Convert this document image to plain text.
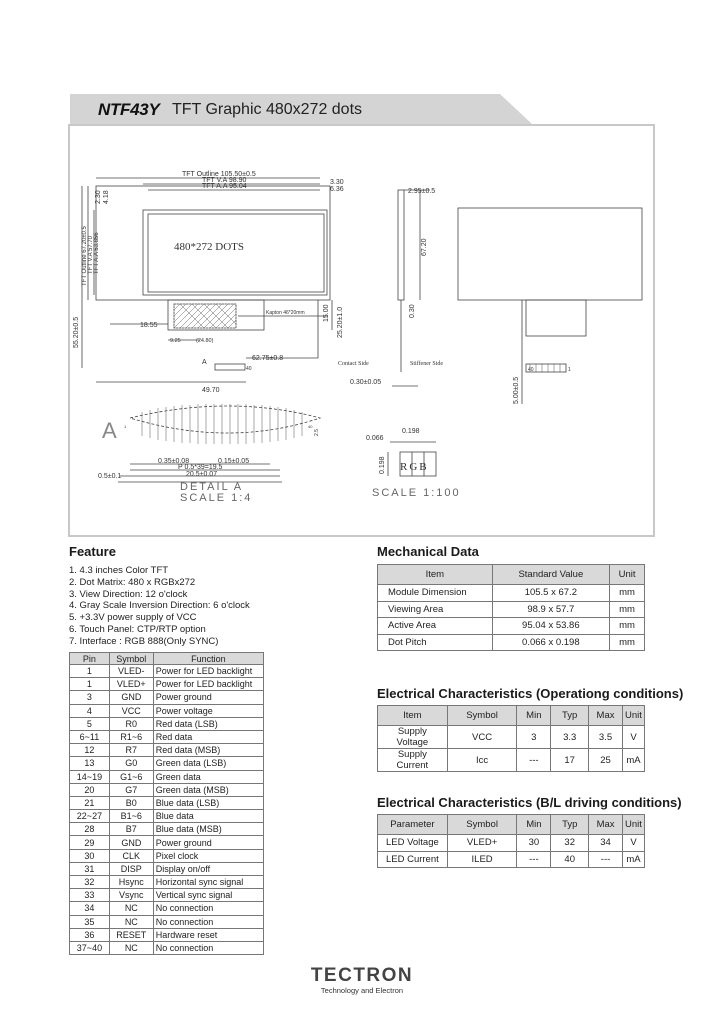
NTF43Y TFT Graphic 480x272 dots
TFT Outline 105.50±0.5
TFT V.A 98.90
TFT A.A 95.04
3.30
6.36
2.30 4.18
TFT Outline 67.20±0.5 TFT V.A 57.70 TFT A.A 53.856	480*272 DOTS
18.55
9.25	(24.80)
Kapton 46*20mm	15.00 25.20±1.0
55.20±0.5
62.75±0.8
A
40
49.70
2.95±0.5
67.20
0.30
Contact Side	Stiffener Side
0.30±0.05	5.00±0.5
40	1
A 1	40
2.5
0.35±0.08	0.15±0.05
P 0.5*39=19.5
20.5±0.07
0.5±0.1
DETAIL A
SCALE 1:4
0.198
0.066
0.198 RGB
SCALE 1:100
Feature
1. 4.3 inches Color TFT
2. Dot Matrix: 480 x RGBx272
3. View Direction: 12 o'clock
4. Gray Scale Inversion Direction: 6 o'clock
5. +3.3V power supply of VCC
6. Touch Panel: CTP/RTP option
7. Interface : RGB 888(Only SYNC)
Pin	Symbol	Function
1	VLED-	Power for LED backlight
1	VLED+	Power for LED backlight
3	GND	Power ground
4	VCC	Power voltage
5	R0	Red data (LSB)
6~11	R1~6	Red data
12	R7	Red data (MSB)
13	G0	Green data (LSB)
14~19	G1~6	Green data
20	G7	Green data (MSB)
21	B0	Blue data (LSB)
22~27	B1~6	Blue data
28	B7	Blue data (MSB)
29	GND	Power ground
30	CLK	Pixel clock
31	DISP	Display on/off
32	Hsync	Horizontal sync signal
33	Vsync	Vertical sync signal
34	NC	No connection
35	NC	No connection
36	RESET	Hardware reset
37~40	NC	No connection
Mechanical Data
Item	Standard Value	Unit
Module Dimension	105.5 x 67.2	mm
Viewing Area	98.9 x 57.7	mm
Active Area	95.04 x 53.86	mm
Dot Pitch	0.066 x 0.198	mm
Electrical Characteristics (Operationg conditions)
Item	Symbol	Min	Typ	Max	Unit
Supply Voltage	VCC	3	3.3	3.5	V
Supply Current	Icc	---	17	25	mA
Electrical Characteristics (B/L driving conditions)
Parameter	Symbol	Min	Typ	Max	Unit
LED Voltage	VLED+	30	32	34	V
LED Current	ILED	---	40	---	mA
TECTRON
Technology and Electron
